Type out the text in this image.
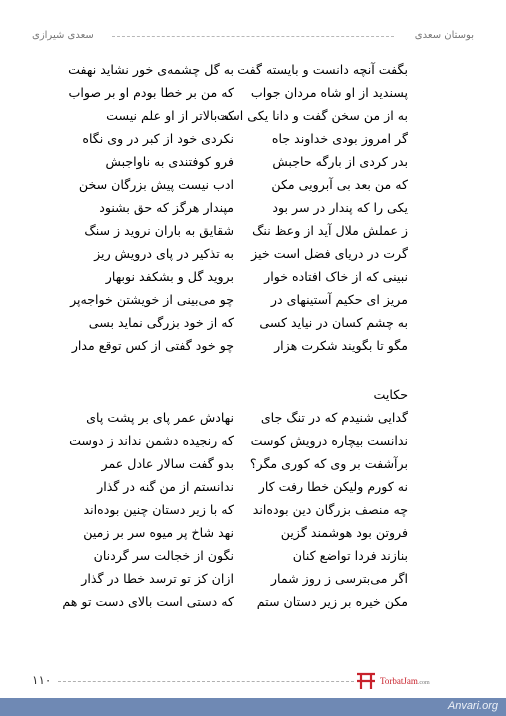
بوستان سعدی
سعدی شیرازی
بگفت آنچه دانست و بایسته گفت
به گل چشمه‌ی خور نشاید نهفت
پسندید از او شاه مردان جواب
که من بر خطا بودم او بر صواب
به از من سخن گفت و دانا یکی است
که بالاتر از او علم نیست
گر امروز بودی خداوند جاه
نکردی خود از کبر در وی نگاه
بدر کردی از بارگه حاجبش
فرو کوفتندی به ناواجبش
که من بعد بی آبرویی مکن
ادب نیست پیش بزرگان سخن
یکی را که پندار در سر بود
مپندار هرگز که حق بشنود
ز عملش ملال آید از وعظ ننگ
شقایق به باران نروید ز سنگ
گرت در دریای فضل است خیز
به تذکیر در پای درویش ریز
نبینی که از خاک افتاده خوار
بروید گل و بشکفد نوبهار
مریز ای حکیم آستینهای در
چو می‌بینی از خویشتن خواجه‌پر
به چشم کسان در نیاید کسی
که از خود بزرگی نماید بسی
مگو تا بگویند شکرت هزار
چو خود گفتی از کس توقع مدار
حکایت
گدایی شنیدم که در تنگ جای
نهادش عمر پای بر پشت پای
ندانست بیچاره درویش کوست
که رنجیده دشمن نداند ز دوست
برآشفت بر وی که کوری مگر؟
بدو گفت سالار عادل عمر
نه کورم ولیکن خطا رفت کار
ندانستم از من گنه در گذار
چه منصف بزرگان دین بوده‌اند
که با زیر دستان چنین بوده‌اند
فروتن بود هوشمند گزین
نهد شاخ پر میوه سر بر زمین
بنازند فردا تواضع کنان
نگون از خجالت سر گردنان
اگر می‌بترسی ز روز شمار
ازان کز تو ترسد خطا در گذار
مکن خیره بر زیر دستان ستم
که دستی است بالای دست تو هم
۱۱۰	TorbatJam.com
Anvari.org
